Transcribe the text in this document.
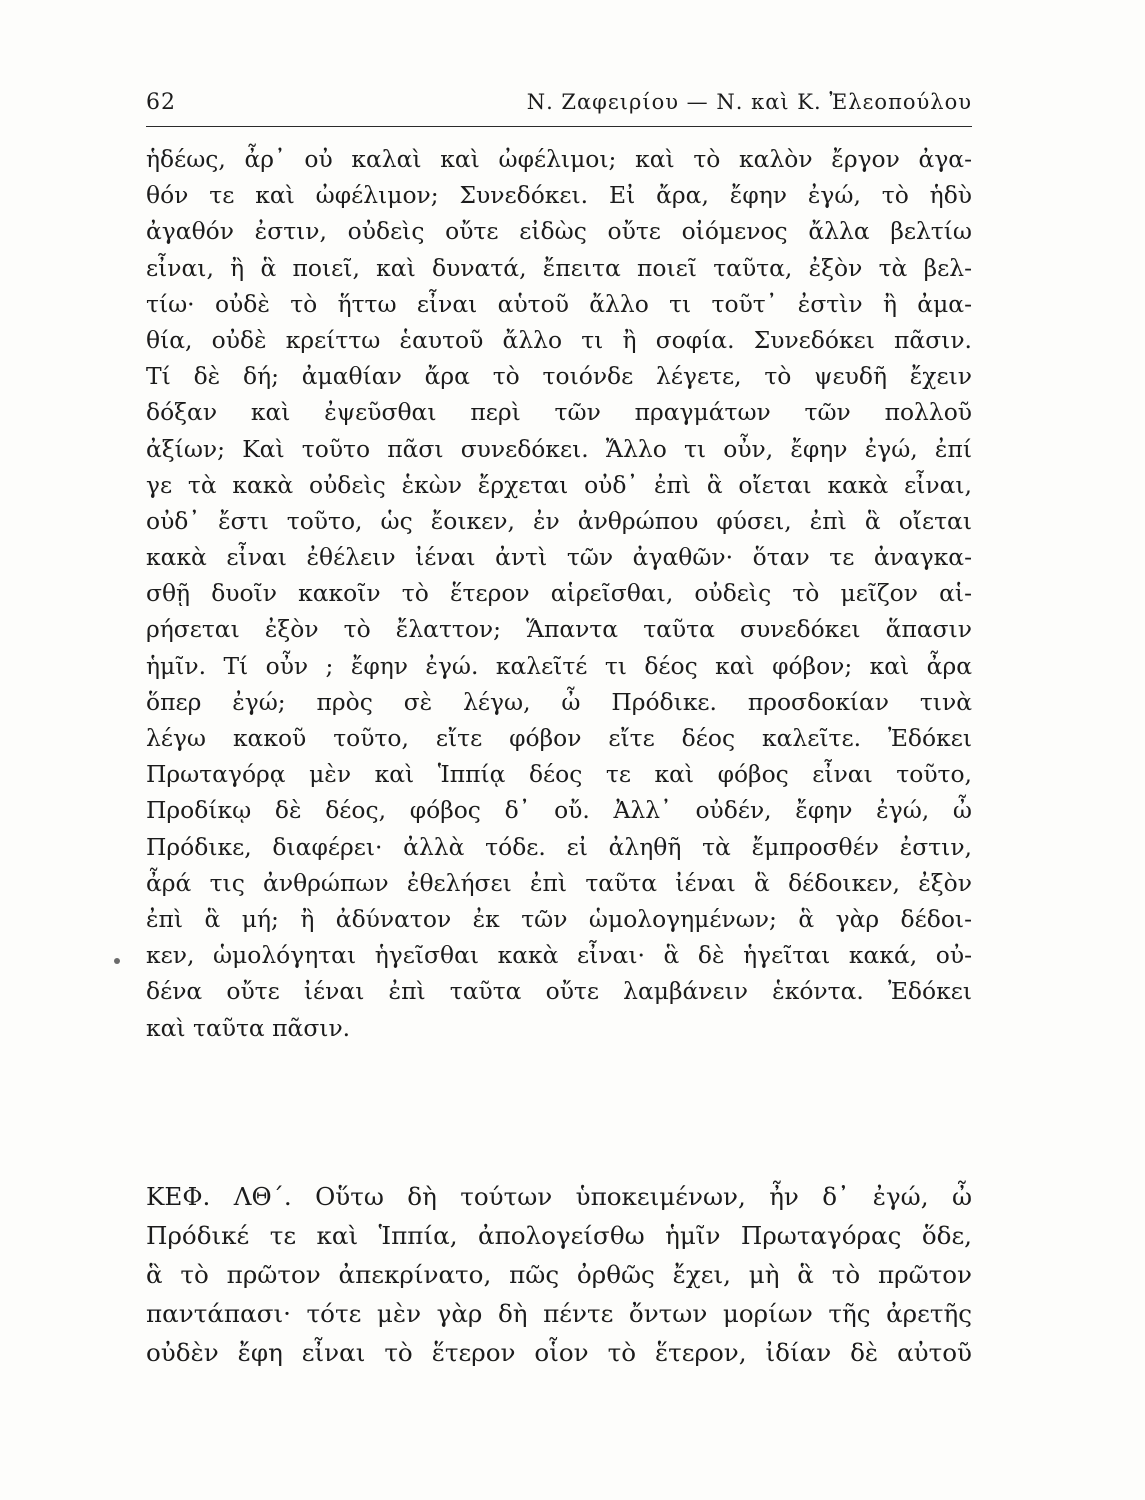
62	Ν. Ζαφειρίου — Ν. καὶ Κ. Ἐλεοπούλου
ἡδέως, ἆρ᾽ οὐ καλαὶ καὶ ὠφέλιμοι; καὶ τὸ καλὸν ἔργον ἀγα-
θόν τε καὶ ὠφέλιμον; Συνεδόκει. Εἰ ἄρα, ἔφην ἐγώ, τὸ ἡδὺ
ἀγαθόν ἐστιν, οὐδεὶς οὔτε εἰδὼς οὔτε οἰόμενος ἄλλα βελτίω
εἶναι, ἢ ἃ ποιεῖ, καὶ δυνατά, ἔπειτα ποιεῖ ταῦτα, ἐξὸν τὰ βελ-
τίω· οὐδὲ τὸ ἥττω εἶναι αὑτοῦ ἄλλο τι τοῦτ᾽ ἐστὶν ἢ ἀμα-
θία, οὐδὲ κρείττω ἑαυτοῦ ἄλλο τι ἢ σοφία. Συνεδόκει πᾶσιν.
Τί δὲ δή; ἀμαθίαν ἄρα τὸ τοιόνδε λέγετε, τὸ ψευδῆ ἔχειν
δόξαν καὶ ἐψεῦσθαι περὶ τῶν πραγμάτων τῶν πολλοῦ
ἀξίων; Καὶ τοῦτο πᾶσι συνεδόκει. Ἄλλο τι οὖν, ἔφην ἐγώ, ἐπί
γε τὰ κακὰ οὐδεὶς ἑκὼν ἔρχεται οὐδ᾽ ἐπὶ ἃ οἴεται κακὰ εἶναι,
οὐδ᾽ ἔστι τοῦτο, ὡς ἔοικεν, ἐν ἀνθρώπου φύσει, ἐπὶ ἃ οἴεται
κακὰ εἶναι ἐθέλειν ἰέναι ἀντὶ τῶν ἀγαθῶν· ὅταν τε ἀναγκα-
σθῇ δυοῖν κακοῖν τὸ ἕτερον αἱρεῖσθαι, οὐδεὶς τὸ μεῖζον αἱ-
ρήσεται ἐξὸν τὸ ἔλαττον; Ἅπαντα ταῦτα συνεδόκει ἅπασιν
ἡμῖν. Τί οὖν ; ἔφην ἐγώ. καλεῖτέ τι δέος καὶ φόβον; καὶ ἆρα
ὅπερ ἐγώ; πρὸς σὲ λέγω, ὦ Πρόδικε. προσδοκίαν τινὰ
λέγω κακοῦ τοῦτο, εἴτε φόβον εἴτε δέος καλεῖτε. Ἐδόκει
Πρωταγόρᾳ μὲν καὶ Ἱππίᾳ δέος τε καὶ φόβος εἶναι τοῦτο,
Προδίκῳ δὲ δέος, φόβος δ᾽ οὔ. Ἀλλ᾽ οὐδέν, ἔφην ἐγώ, ὦ
Πρόδικε, διαφέρει· ἀλλὰ τόδε. εἰ ἀληθῆ τὰ ἔμπροσθέν ἐστιν,
ἆρά τις ἀνθρώπων ἐθελήσει ἐπὶ ταῦτα ἰέναι ἃ δέδοικεν, ἐξὸν
ἐπὶ ἃ μή; ἢ ἀδύνατον ἐκ τῶν ὡμολογημένων; ἃ γὰρ δέδοι-
κεν, ὡμολόγηται ἡγεῖσθαι κακὰ εἶναι· ἃ δὲ ἡγεῖται κακά, οὐ-
δένα οὔτε ἰέναι ἐπὶ ταῦτα οὔτε λαμβάνειν ἑκόντα. Ἐδόκει
καὶ ταῦτα πᾶσιν.
ΚΕΦ. ΛΘ΄. Οὕτω δὴ τούτων ὑποκειμένων, ἦν δ᾽ ἐγώ, ὦ
Πρόδικέ τε καὶ Ἱππία, ἀπολογείσθω ἡμῖν Πρωταγόρας ὅδε,
ἃ τὸ πρῶτον ἀπεκρίνατο, πῶς ὀρθῶς ἔχει, μὴ ἃ τὸ πρῶτον
παντάπασι· τότε μὲν γὰρ δὴ πέντε ὄντων μορίων τῆς ἀρετῆς
οὐδὲν ἔφη εἶναι τὸ ἕτερον οἷον τὸ ἕτερον, ἰδίαν δὲ αὐτοῦ
